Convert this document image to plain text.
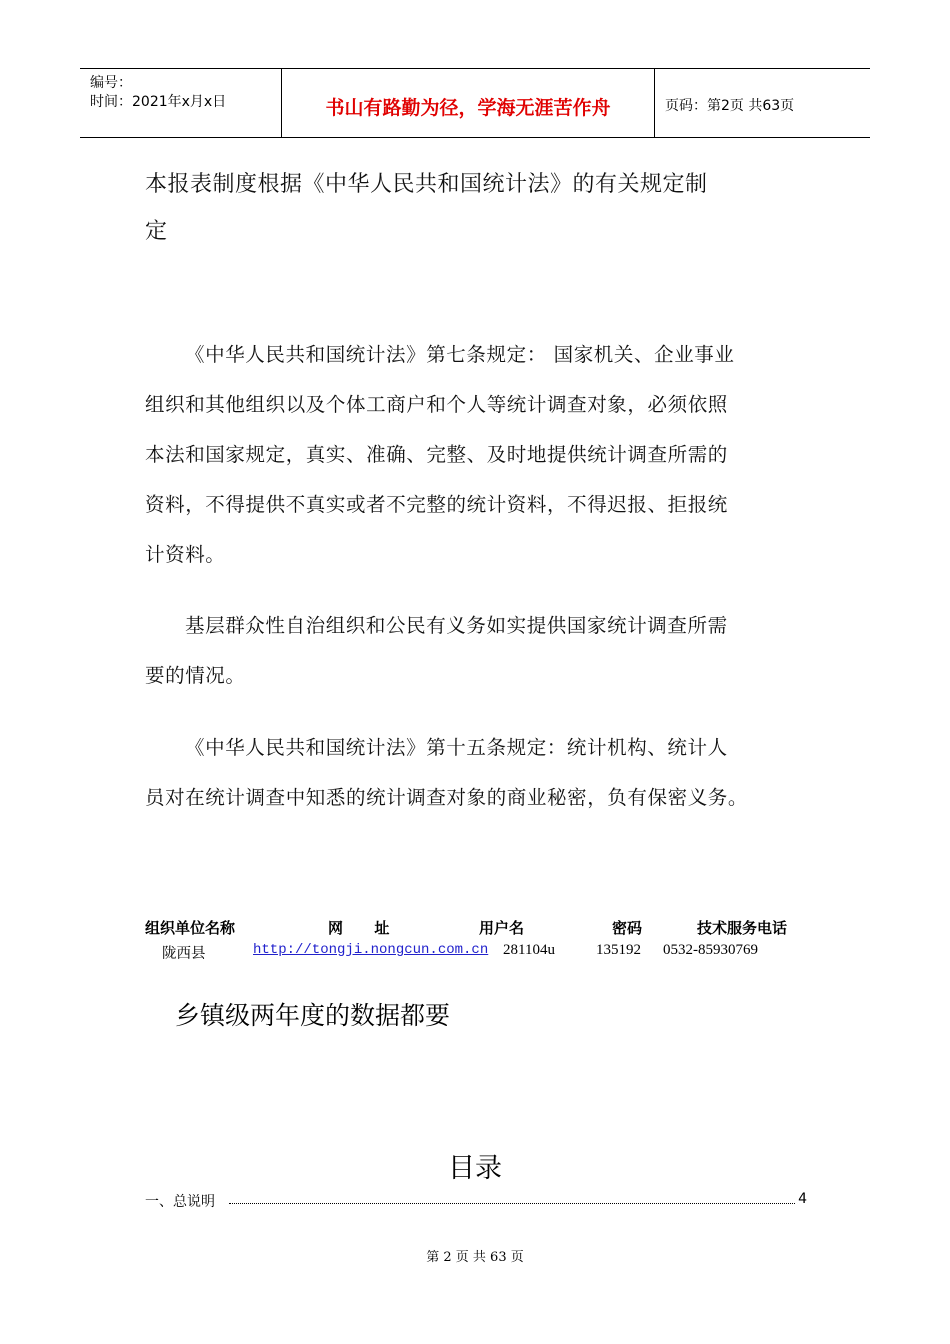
编号：
时间：2021年x月x日	书山有路勤为径，学海无涯苦作舟	页码：第2页 共63页
本报表制度根据《中华人民共和国统计法》的有关规定制
定
《中华人民共和国统计法》第七条规定： 国家机关、企业事业
组织和其他组织以及个体工商户和个人等统计调查对象，必须依照
本法和国家规定，真实、准确、完整、及时地提供统计调查所需的
资料，不得提供不真实或者不完整的统计资料，不得迟报、拒报统
计资料。
基层群众性自治组织和公民有义务如实提供国家统计调查所需
要的情况。
《中华人民共和国统计法》第十五条规定：统计机构、统计人
员对在统计调查中知悉的统计调查对象的商业秘密，负有保密义务。
组织单位名称	网      址	用户名	密码	技术服务电话
陇西县	http://tongji.nongcun.com.cn 281104u	135192 0532-85930769
乡镇级两年度的数据都要
目录
一、总说明	4
第 2 页 共 63 页
